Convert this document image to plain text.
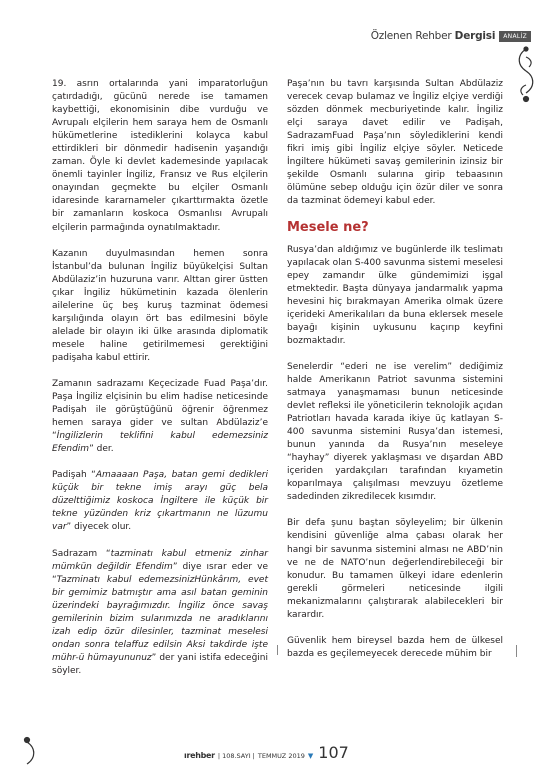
Özlenen Rehber Dergisi	ANALİZ

19. asrın ortalarında yani imparatorluğun çatırdadığı, gücünü nerede ise tamamen kaybettiği, ekonomisinin dibe vurduğu ve Avrupalı elçilerin hem saraya hem de Osmanlı hükümetlerine istediklerini kolayca kabul ettirdikleri bir dönmedir hadisenin yaşandığı zaman. Öyle ki devlet kademesinde yapılacak önemli tayinler İngiliz, Fransız ve Rus elçilerin onayından geçmekte bu elçiler Osmanlı idaresinde kararnameler çıkarttırmakta özetle bir zamanların koskoca Osmanlısı Avrupalı elçilerin parmağında oynatılmaktadır.

Kazanın duyulmasından hemen sonra İstanbul’da bulunan İngiliz büyükelçisi Sultan Abdülaziz’in huzuruna varır. Alttan girer üstten çıkar İngiliz hükümetinin kazada ölenlerin ailelerine üç beş kuruş tazminat ödemesi karşılığında olayın ört bas edilmesini böyle alelade bir olayın iki ülke arasında diplomatik mesele haline getirilmemesi gerektiğini padişaha kabul ettirir.

Zamanın sadrazamı Keçecizade Fuad Paşa’dır. Paşa İngiliz elçisinin bu elim hadise neticesinde Padişah ile görüştüğünü öğrenir öğrenmez hemen saraya gider ve sultan Abdülaziz’e “İngilizlerin teklifini kabul edemezsiniz Efendim” der.

Padişah “Amaaaan Paşa, batan gemi dedikleri küçük bir tekne imiş arayı güç bela düzelttiğimiz koskoca İngiltere ile küçük bir tekne yüzünden kriz çıkartmanın ne lüzumu var” diyecek olur.

Sadrazam “tazminatı kabul etmeniz zinhar mümkün değildir Efendim” diye ısrar eder ve “Tazminatı kabul edemezsinizHünkârım, evet bir gemimiz batmıştır ama asıl batan geminin üzerindeki bayrağımızdır. İngiliz önce savaş gemilerinin bizim sularımızda ne aradıklarını izah edip özür dilesinler, tazminat meselesi ondan sonra telaffuz edilsin Aksi takdirde işte mühr-ü hümayununuz” der yani istifa edeceğini söyler.

Paşa’nın bu tavrı karşısında Sultan Abdülaziz verecek cevap bulamaz ve İngiliz elçiye verdiği sözden dönmek mecburiyetinde kalır. İngiliz elçi saraya davet edilir ve Padişah, SadrazamFuad Paşa’nın söylediklerini kendi fikri imiş gibi İngiliz elçiye söyler. Neticede İngiltere hükümeti savaş gemilerinin izinsiz bir şekilde Osmanlı sularına girip tebaasının ölümüne sebep olduğu için özür diler ve sonra da tazminat ödemeyi kabul eder.

Mesele ne?

Rusya’dan aldığımız ve bugünlerde ilk teslimatı yapılacak olan S-400 savunma sistemi meselesi epey zamandır ülke gündemimizi işgal etmektedir. Başta dünyaya jandarmalık yapma hevesini hiç bırakmayan Amerika olmak üzere içerideki Amerikalıları da buna eklersek mesele bayağı kişinin uykusunu kaçırıp keyfini bozmaktadır.

Senelerdir “ederi ne ise verelim” dediğimiz halde Amerikanın Patriot savunma sistemini satmaya yanaşmaması bunun neticesinde devlet refleksi ile yöneticilerin teknolojik açıdan Patriotları havada karada ikiye üç katlayan S-400 savunma sistemini Rusya’dan istemesi, bunun yanında da Rusya’nın meseleye “hayhay” diyerek yaklaşması ve dışardan ABD içeriden yardakçıları tarafından kıyametin koparılmaya çalışılması mevzuyu özetleme sadedinden zikredilecek kısımdır.

Bir defa şunu baştan söyleyelim; bir ülkenin kendisini güvenliğe alma çabası olarak her hangi bir savunma sistemini alması ne ABD’nin ve ne de NATO’nun değerlendirebileceği bir konudur. Bu tamamen ülkeyi idare edenlerin gerekli görmeleri neticesinde ilgili mekanizmalarını çalıştırarak alabilecekleri bir karardır.

Güvenlik hem bireysel bazda hem de ülkesel bazda es geçilemeyecek derecede mühim bir

ırehber | 108.SAYI | TEMMUZ 2019 ▼ 107
